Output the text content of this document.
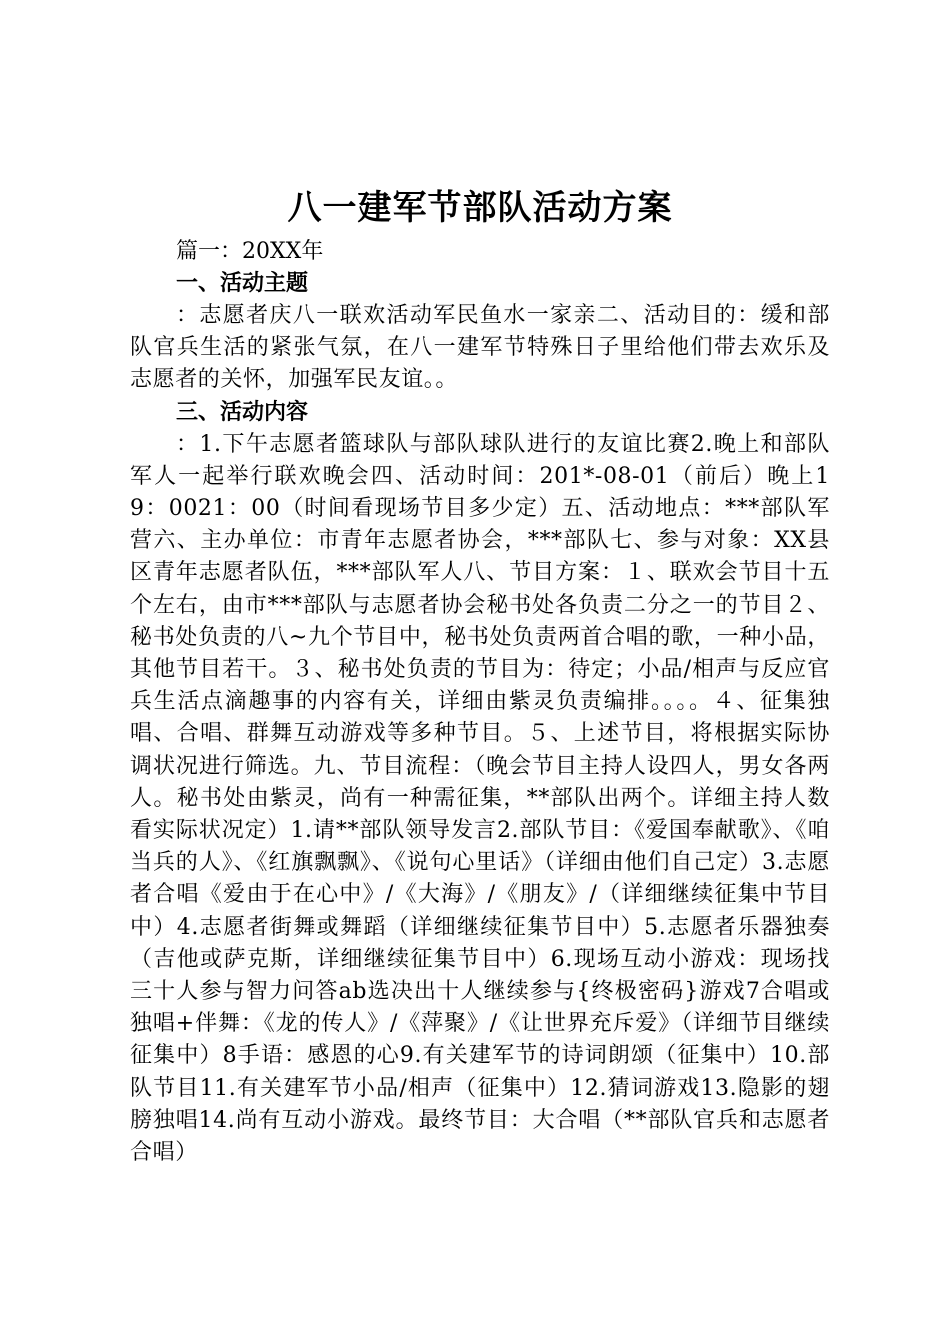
八一建军节部队活动方案

篇一：20XX年

一、活动主题

：志愿者庆八一联欢活动军民鱼水一家亲二、活动目的：缓和部队官兵生活的紧张气氛，在八一建军节特殊日子里给他们带去欢乐及志愿者的关怀，加强军民友谊。。

三、活动内容

：1.下午志愿者篮球队与部队球队进行的友谊比赛2.晚上和部队军人一起举行联欢晚会四、活动时间：201*-08-01（前后）晚上19：0021：00（时间看现场节目多少定）五、活动地点：***部队军营六、主办单位：市青年志愿者协会，***部队七、参与对象：XX县区青年志愿者队伍，***部队军人八、节目方案：１、联欢会节目十五个左右，由市***部队与志愿者协会秘书处各负责二分之一的节目２、秘书处负责的八~九个节目中，秘书处负责两首合唱的歌，一种小品，其他节目若干。３、秘书处负责的节目为：待定；小品/相声与反应官兵生活点滴趣事的内容有关，详细由紫灵负责编排。。。。４、征集独唱、合唱、群舞互动游戏等多种节目。５、上述节目，将根据实际协调状况进行筛选。九、节目流程：（晚会节目主持人设四人，男女各两人。秘书处由紫灵，尚有一种需征集，**部队出两个。详细主持人数看实际状况定）1.请**部队领导发言2.部队节目：《爱国奉献歌》、《咱当兵的人》、《红旗飘飘》、《说句心里话》（详细由他们自己定）3.志愿者合唱《爱由于在心中》/《大海》/《朋友》/（详细继续征集中节目中）4.志愿者街舞或舞蹈（详细继续征集节目中）5.志愿者乐器独奏（吉他或萨克斯，详细继续征集节目中）6.现场互动小游戏：现场找三十人参与智力问答ab选决出十人继续参与{终极密码}游戏7合唱或独唱+伴舞：《龙的传人》/《萍聚》/《让世界充斥爱》（详细节目继续征集中）8手语：感恩的心9.有关建军节的诗词朗颂（征集中）10.部队节目11.有关建军节小品/相声（征集中）12.猜词游戏13.隐影的翅膀独唱14.尚有互动小游戏。最终节目：大合唱（**部队官兵和志愿者合唱）
